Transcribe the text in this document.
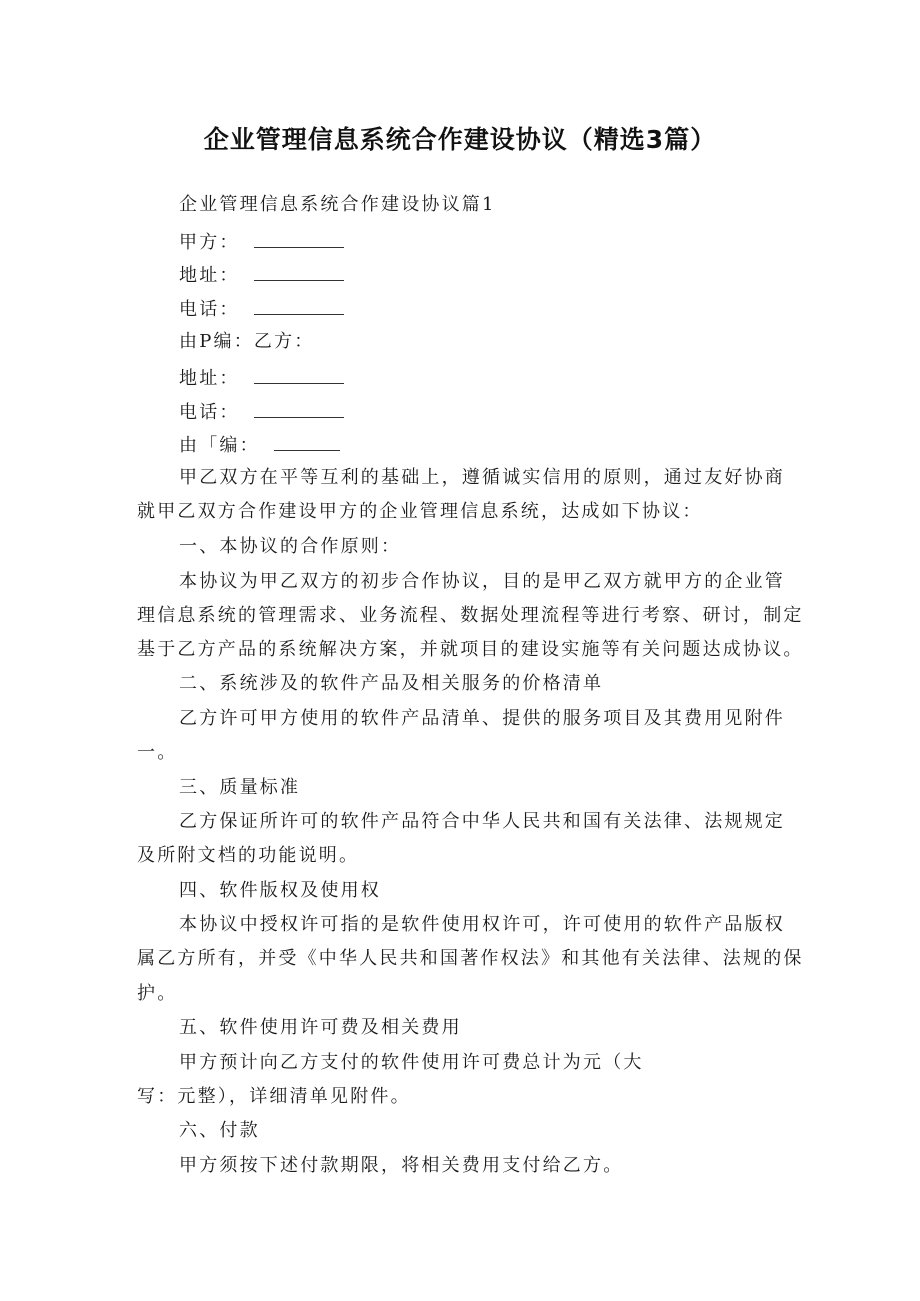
企业管理信息系统合作建设协议（精选3篇）
企业管理信息系统合作建设协议篇1
甲方：
地址：
电话：
由P编：乙方：
地址：
电话：
由「编：
甲乙双方在平等互利的基础上，遵循诚实信用的原则，通过友好协商
就甲乙双方合作建设甲方的企业管理信息系统，达成如下协议：
一、本协议的合作原则：
本协议为甲乙双方的初步合作协议，目的是甲乙双方就甲方的企业管
理信息系统的管理需求、业务流程、数据处理流程等进行考察、研讨，制定
基于乙方产品的系统解决方案，并就项目的建设实施等有关问题达成协议。
二、系统涉及的软件产品及相关服务的价格清单
乙方许可甲方使用的软件产品清单、提供的服务项目及其费用见附件
一。
三、质量标准
乙方保证所许可的软件产品符合中华人民共和国有关法律、法规规定
及所附文档的功能说明。
四、软件版权及使用权
本协议中授权许可指的是软件使用权许可，许可使用的软件产品版权
属乙方所有，并受《中华人民共和国著作权法》和其他有关法律、法规的保
护。
五、软件使用许可费及相关费用
甲方预计向乙方支付的软件使用许可费总计为元（大
写：元整），详细清单见附件。
六、付款
甲方须按下述付款期限，将相关费用支付给乙方。
